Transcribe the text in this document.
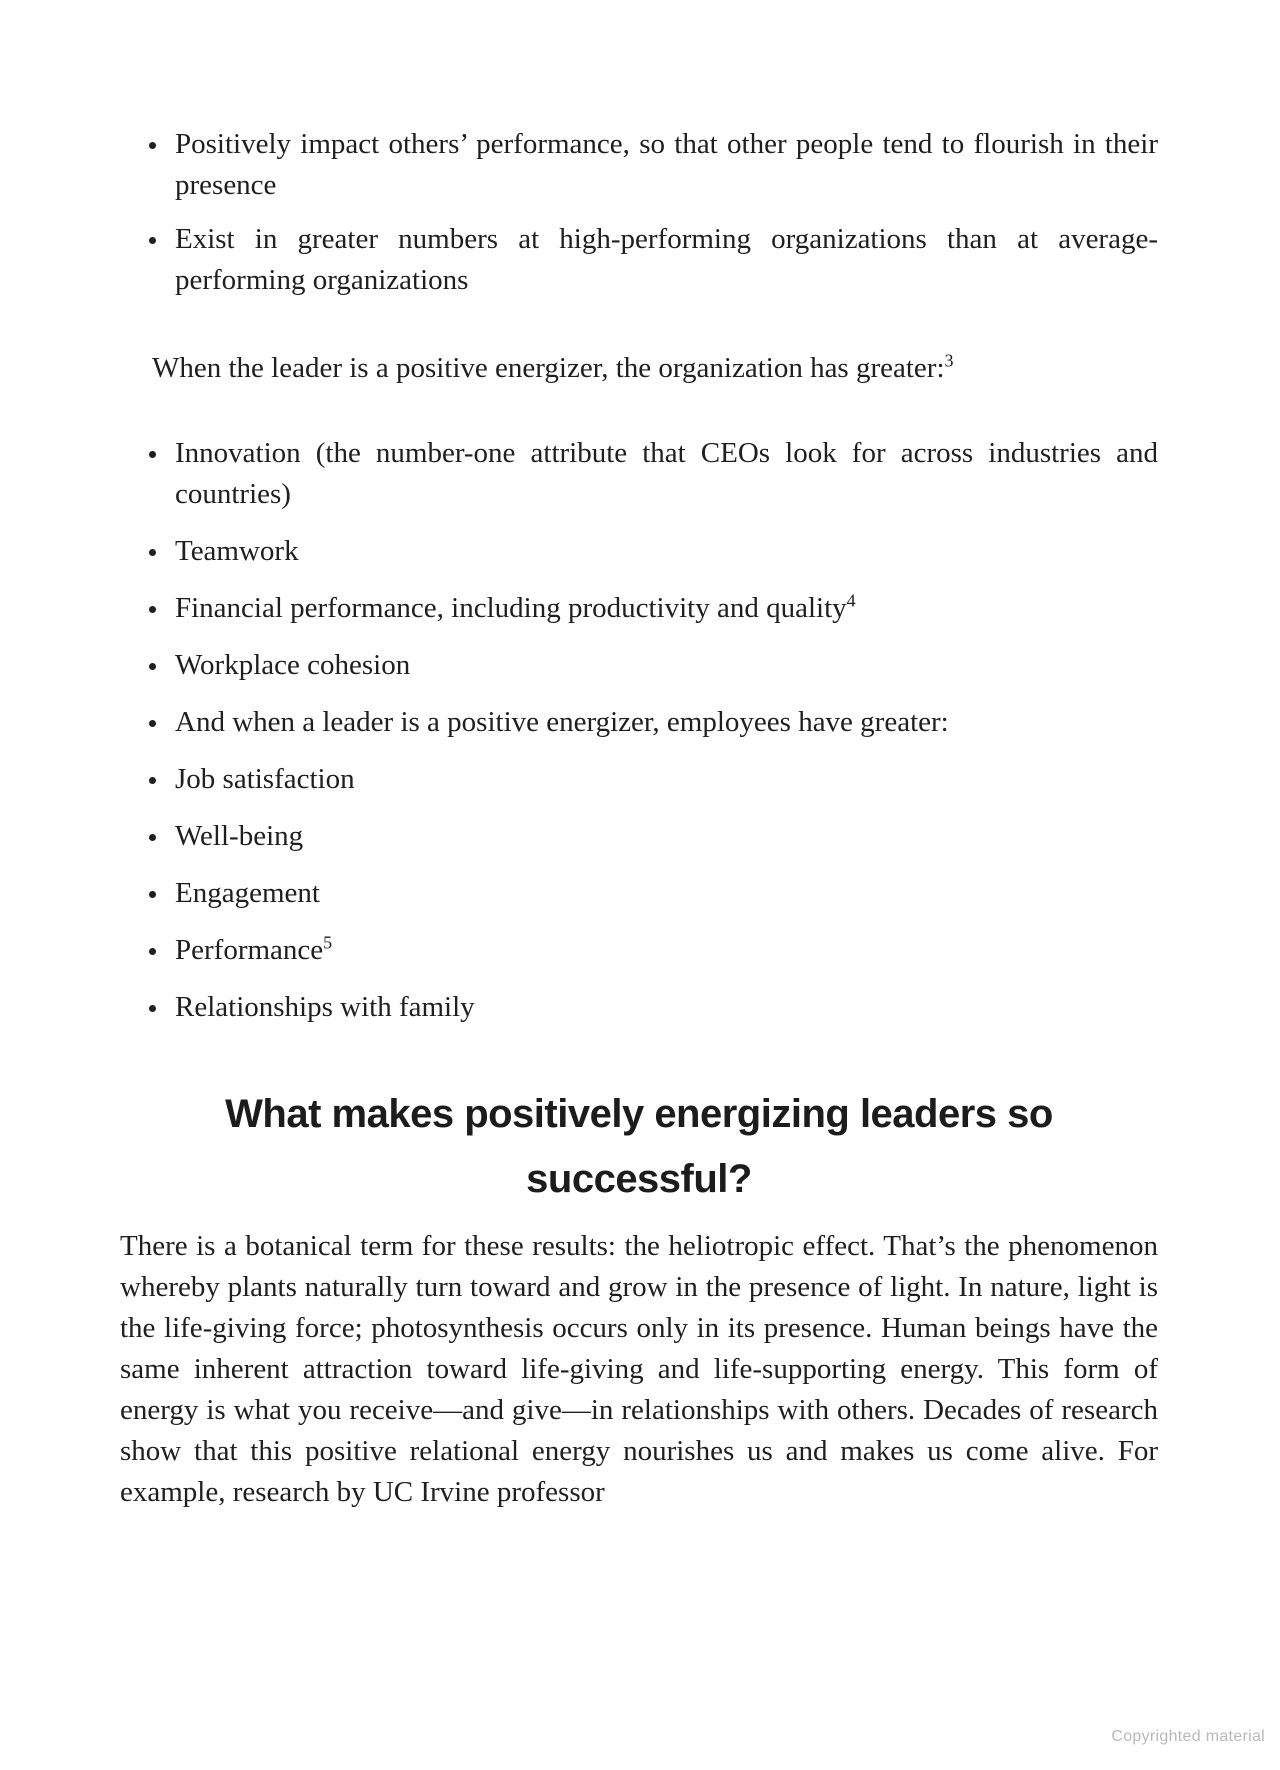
Positively impact others’ performance, so that other people tend to flourish in their presence
Exist in greater numbers at high-performing organizations than at average-performing organizations

When the leader is a positive energizer, the organization has greater:$^3$

Innovation (the number-one attribute that CEOs look for across industries and countries)
Teamwork
Financial performance, including productivity and quality$^4$
Workplace cohesion
And when a leader is a positive energizer, employees have greater:
Job satisfaction
Well-being
Engagement
Performance$^5$
Relationships with family
What makes positively energizing leaders so successful?

There is a botanical term for these results: the heliotropic effect. That’s the phenomenon whereby plants naturally turn toward and grow in the presence of light. In nature, light is the life-giving force; photosynthesis occurs only in its presence. Human beings have the same inherent attraction toward life-giving and life-supporting energy. This form of energy is what you receive—and give—in relationships with others. Decades of research show that this positive relational energy nourishes us and makes us come alive. For example, research by UC Irvine professor

Copyrighted material
